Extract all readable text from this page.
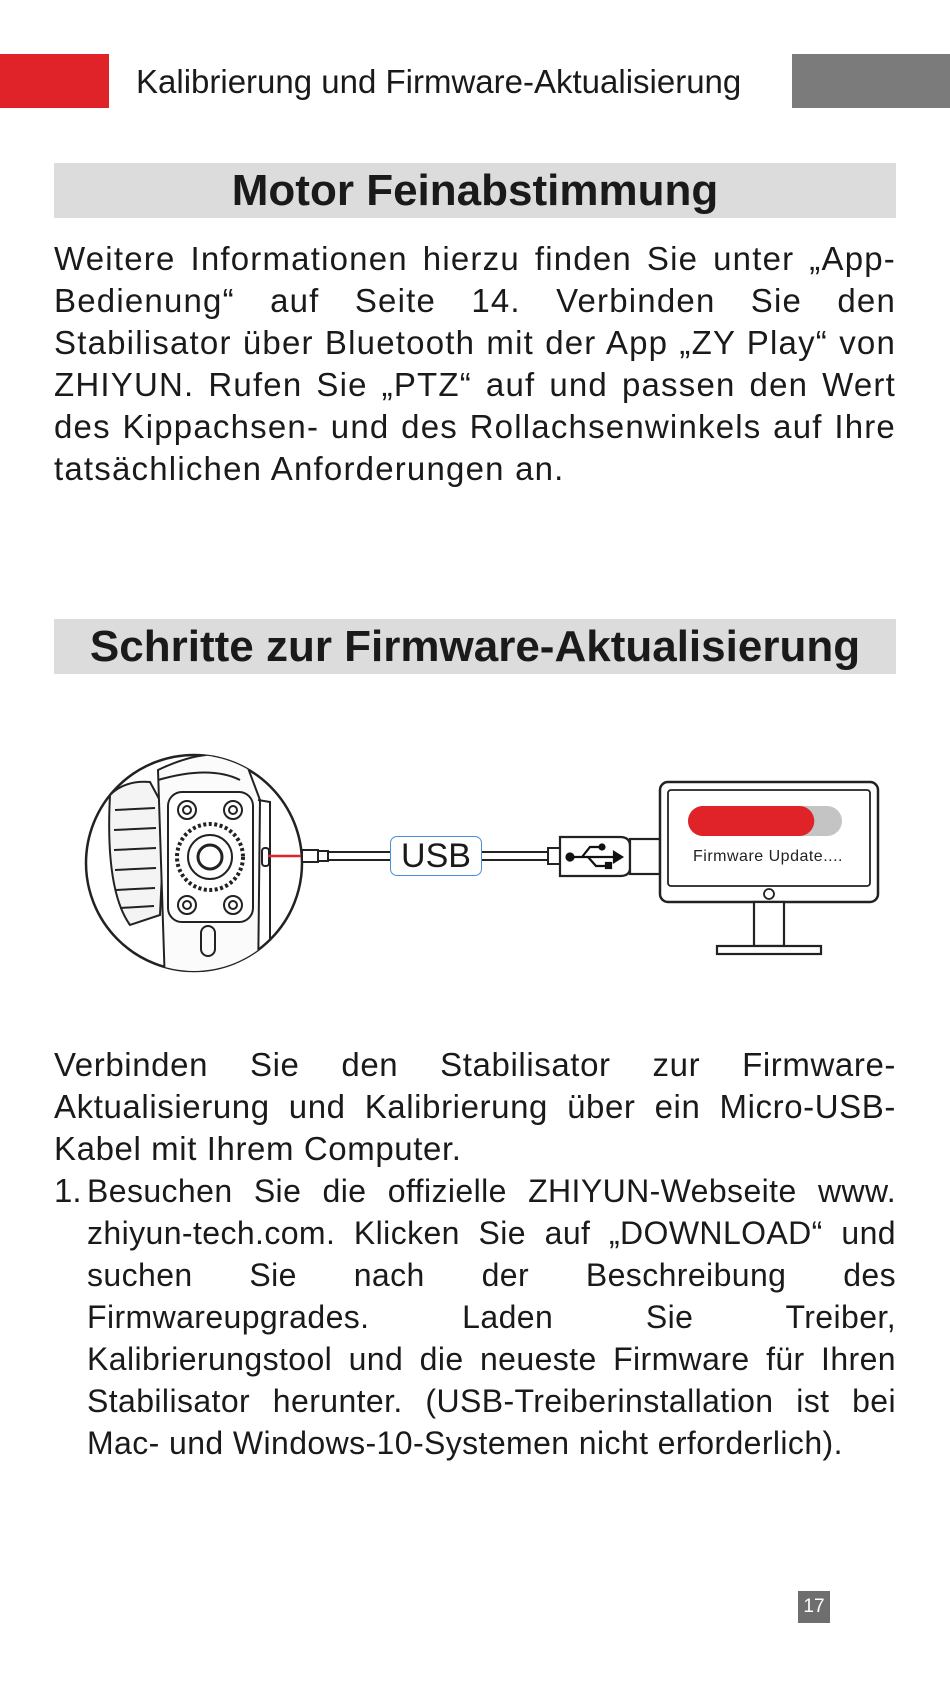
Kalibrierung und Firmware-Aktualisierung
Motor Feinabstimmung
Weitere Informationen hierzu finden Sie unter „App-Bedienung“ auf Seite 14. Verbinden Sie den Stabilisator über Bluetooth mit der App „ZY Play“ von ZHIYUN. Rufen Sie „PTZ“ auf und passen den Wert des Kippachsen- und des Rollachsenwinkels auf Ihre tatsächlichen Anforderungen an.
Schritte zur Firmware-Aktualisierung
USB	Firmware Update....
Verbinden Sie den Stabilisator zur Firmware-Aktualisierung und Kalibrierung über ein Micro-USB-Kabel mit Ihrem Computer.
1. Besuchen Sie die offizielle ZHIYUN-Webseite www. zhiyun-tech.com. Klicken Sie auf „DOWNLOAD“ und suchen Sie nach der Beschreibung des Firmwareupgrades. Laden Sie Treiber, Kalibrierungstool und die neueste Firmware für Ihren Stabilisator herunter. (USB-Treiberinstallation ist bei Mac- und Windows-10-Systemen nicht erforderlich).
17
